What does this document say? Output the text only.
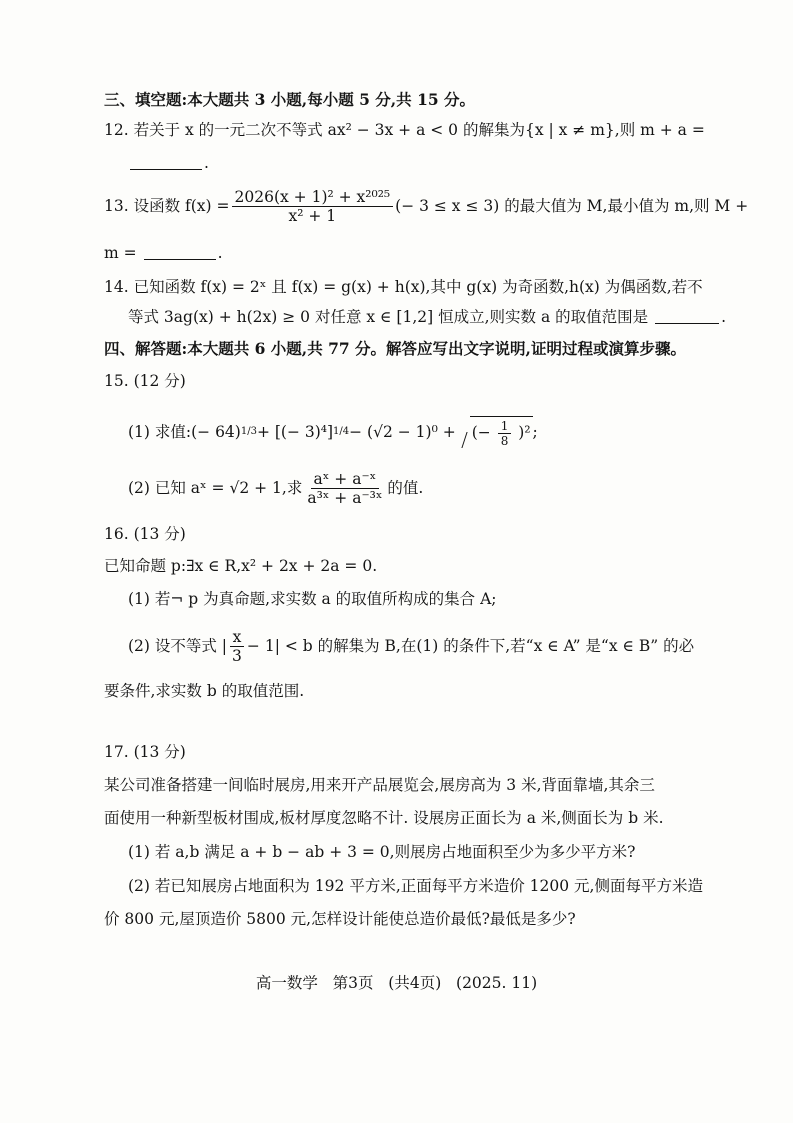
三、填空题:本大题共 3 小题,每小题 5 分,共 15 分。
12. 若关于 x 的一元二次不等式 ax² − 3x + a < 0 的解集为{x | x ≠ m},则 m + a =
.
13. 设函数 $f(x) = \frac{\text{2026(x + 1)² + x²⁰²⁵}}{\text{x² + 1}}$ (− 3 ≤ x ≤ 3) 的最大值为 M,最小值为 m,则 M +
m =	.
14. 已知函数 f(x) = 2ˣ 且 f(x) = g(x) + h(x),其中 g(x) 为奇函数,h(x) 为偶函数,若不
等式 3ag(x) + h(2x) ≥ 0 对任意 x ∈ [1,2] 恒成立,则实数 a 的取值范围是	.
四、解答题:本大题共 6 小题,共 77 分。解答应写出文字说明,证明过程或演算步骤。
15. (12 分)
(1) 求值:(− 64) 1/3 + [(− 3)⁴] 1/4 − (√2 − 1)⁰ +	(− $\frac{1}{8} )^2$ ;
(2) 已知 aˣ = √2 + 1,求
aˣ + a⁻ˣ
a³ˣ + a⁻³ˣ
的值.
16. (13 分)
已知命题 p:∃x ∈ R,x² + 2x + 2a = 0.
(1) 若¬ p 为真命题,求实数 a 的取值所构成的集合 A;
(2) 设不等式 |
x
3
− 1| < b 的解集为 B,在(1) 的条件下,若“x ∈ A” 是“x ∈ B” 的必
要条件,求实数 b 的取值范围.
17. (13 分)
某公司准备搭建一间临时展房,用来开产品展览会,展房高为 3 米,背面靠墙,其余三
面使用一种新型板材围成,板材厚度忽略不计. 设展房正面长为 a 米,侧面长为 b 米.
(1) 若 a,b 满足 a + b − ab + 3 = 0,则展房占地面积至少为多少平方米?
(2) 若已知展房占地面积为 192 平方米,正面每平方米造价 1200 元,侧面每平方米造
价 800 元,屋顶造价 5800 元,怎样设计能使总造价最低?最低是多少?
高一数学   第3页   (共4页)   (2025. 11)
